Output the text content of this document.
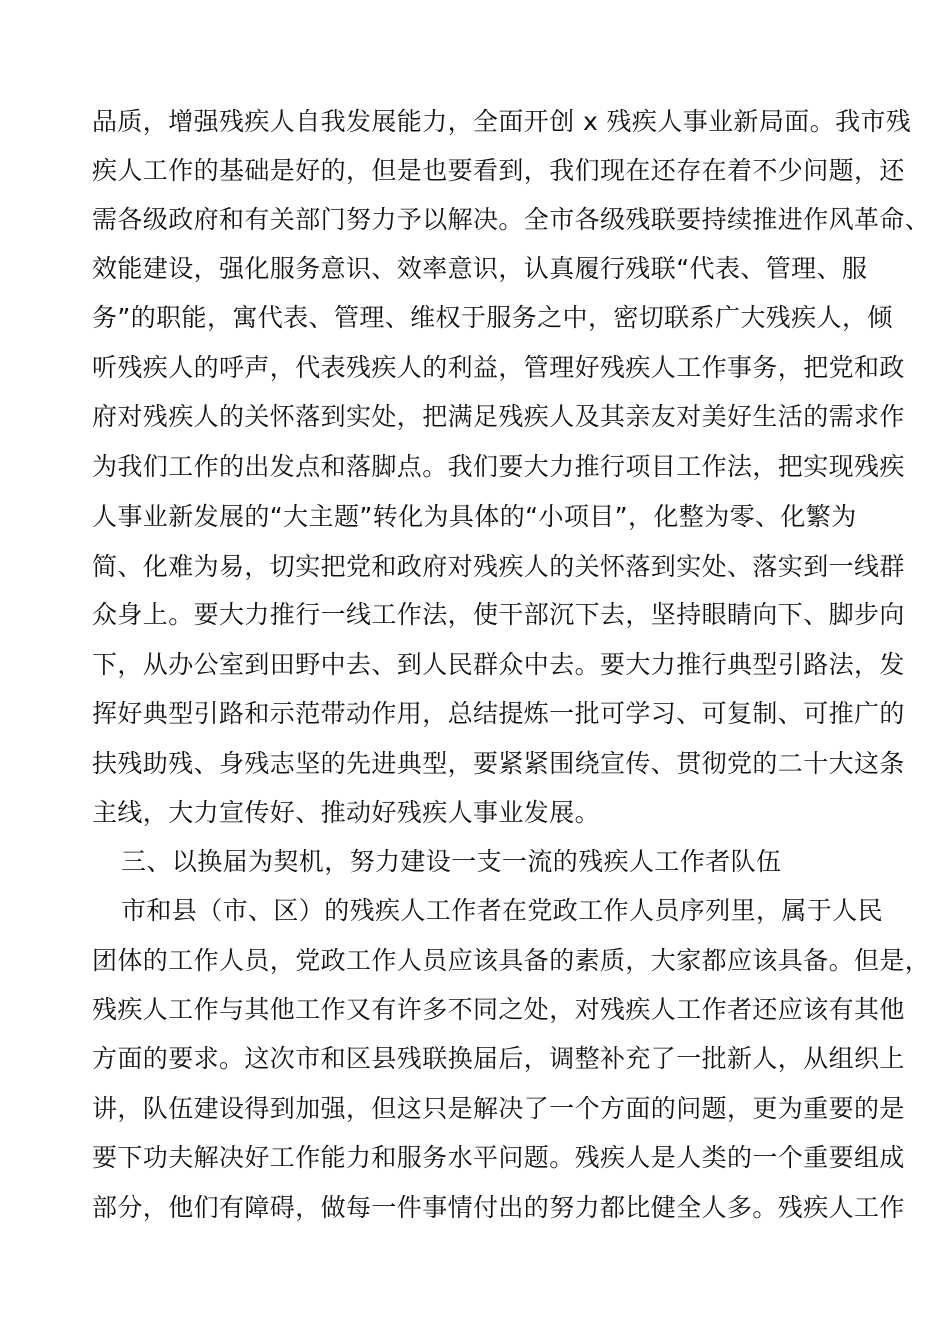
品质，增强残疾人自我发展能力，全面开创 x 残疾人事业新局面。我市残
疾人工作的基础是好的，但是也要看到，我们现在还存在着不少问题，还
需各级政府和有关部门努力予以解决。全市各级残联要持续推进作风革命、
效能建设，强化服务意识、效率意识，认真履行残联“代表、管理、服
务”的职能，寓代表、管理、维权于服务之中，密切联系广大残疾人，倾
听残疾人的呼声，代表残疾人的利益，管理好残疾人工作事务，把党和政
府对残疾人的关怀落到实处，把满足残疾人及其亲友对美好生活的需求作
为我们工作的出发点和落脚点。我们要大力推行项目工作法，把实现残疾
人事业新发展的“大主题”转化为具体的“小项目”，化整为零、化繁为
简、化难为易，切实把党和政府对残疾人的关怀落到实处、落实到一线群
众身上。要大力推行一线工作法，使干部沉下去，坚持眼睛向下、脚步向
下，从办公室到田野中去、到人民群众中去。要大力推行典型引路法，发
挥好典型引路和示范带动作用，总结提炼一批可学习、可复制、可推广的
扶残助残、身残志坚的先进典型，要紧紧围绕宣传、贯彻党的二十大这条
主线，大力宣传好、推动好残疾人事业发展。
三、以换届为契机，努力建设一支一流的残疾人工作者队伍
市和县（市、区）的残疾人工作者在党政工作人员序列里，属于人民
团体的工作人员，党政工作人员应该具备的素质，大家都应该具备。但是，
残疾人工作与其他工作又有许多不同之处，对残疾人工作者还应该有其他
方面的要求。这次市和区县残联换届后，调整补充了一批新人，从组织上
讲，队伍建设得到加强，但这只是解决了一个方面的问题，更为重要的是
要下功夫解决好工作能力和服务水平问题。残疾人是人类的一个重要组成
部分，他们有障碍，做每一件事情付出的努力都比健全人多。残疾人工作
